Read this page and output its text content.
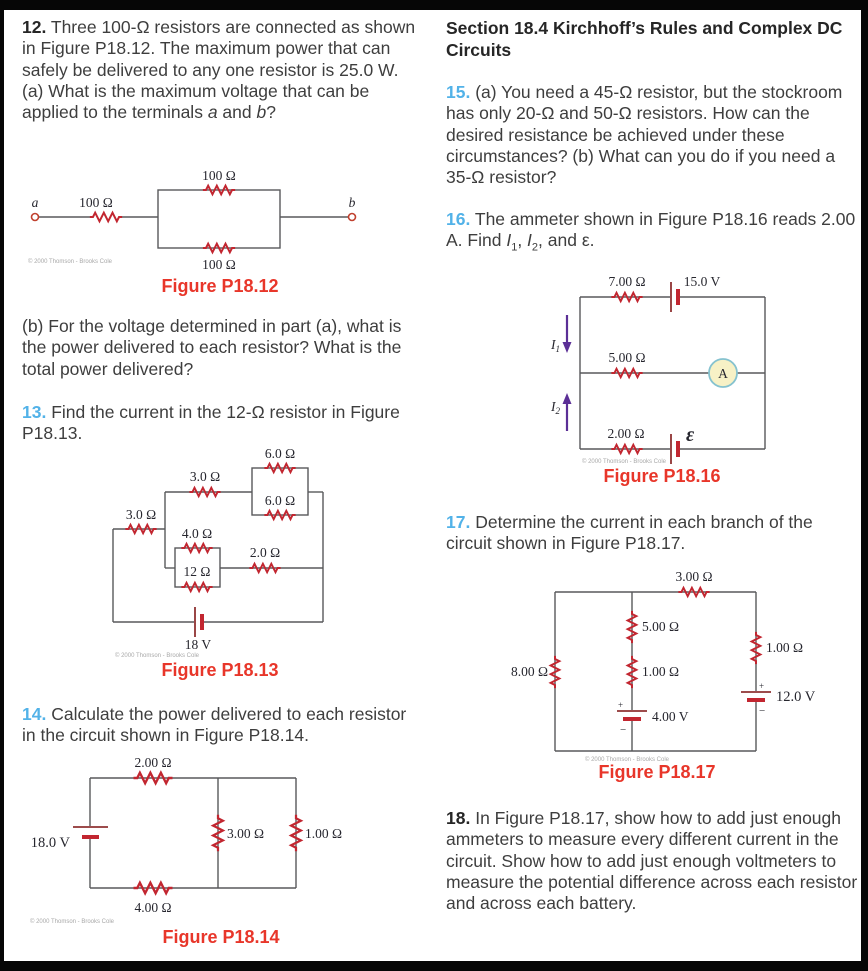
12. Three 100-Ω resistors are connected as shown in Figure P18.12. The maximum power that can safely be delivered to any one resistor is 25.0 W. (a) What is the maximum voltage that can be applied to the terminals a and b?

a	b
100 Ω
100 Ω
100 Ω
© 2000 Thomson - Brooks Cole
Figure P18.12

(b) For the voltage determined in part (a), what is the power delivered to each resistor? What is the total power delivered?

13. Find the current in the 12-Ω resistor in Figure P18.13.

3.0 Ω
3.0 Ω
6.0 Ω
6.0 Ω
4.0 Ω
12 Ω
2.0 Ω
18 V
© 2000 Thomson - Brooks Cole
Figure P18.13

14. Calculate the power delivered to each resistor in the circuit shown in Figure P18.14.

2.00 Ω
4.00 Ω
18.0 V
3.00 Ω	1.00 Ω
© 2000 Thomson - Brooks Cole
Figure P18.14

Section 18.4 Kirchhoff’s Rules and Complex DC Circuits

15. (a) You need a 45-Ω resistor, but the stockroom has only 20-Ω and 50-Ω resistors. How can the desired resistance be achieved under these circumstances? (b) What can you do if you need a 35-Ω resistor?

16. The ammeter shown in Figure P18.16 reads 2.00 A. Find $I_1$, $I_2$, and ε.

A
7.00 Ω	15.0 V
5.00 Ω
2.00 Ω ε
$I_1$
$I_2$
© 2000 Thomson - Brooks Cole
Figure P18.16

17. Determine the current in each branch of the circuit shown in Figure P18.17.

3.00 Ω
8.00 Ω
5.00 Ω
1.00 Ω
4.00 V
1.00 Ω
12.0 V
+
−
+
−
© 2000 Thomson - Brooks Cole
Figure P18.17

18. In Figure P18.17, show how to add just enough ammeters to measure every different current in the circuit. Show how to add just enough voltmeters to measure the potential difference across each resistor and across each battery.
